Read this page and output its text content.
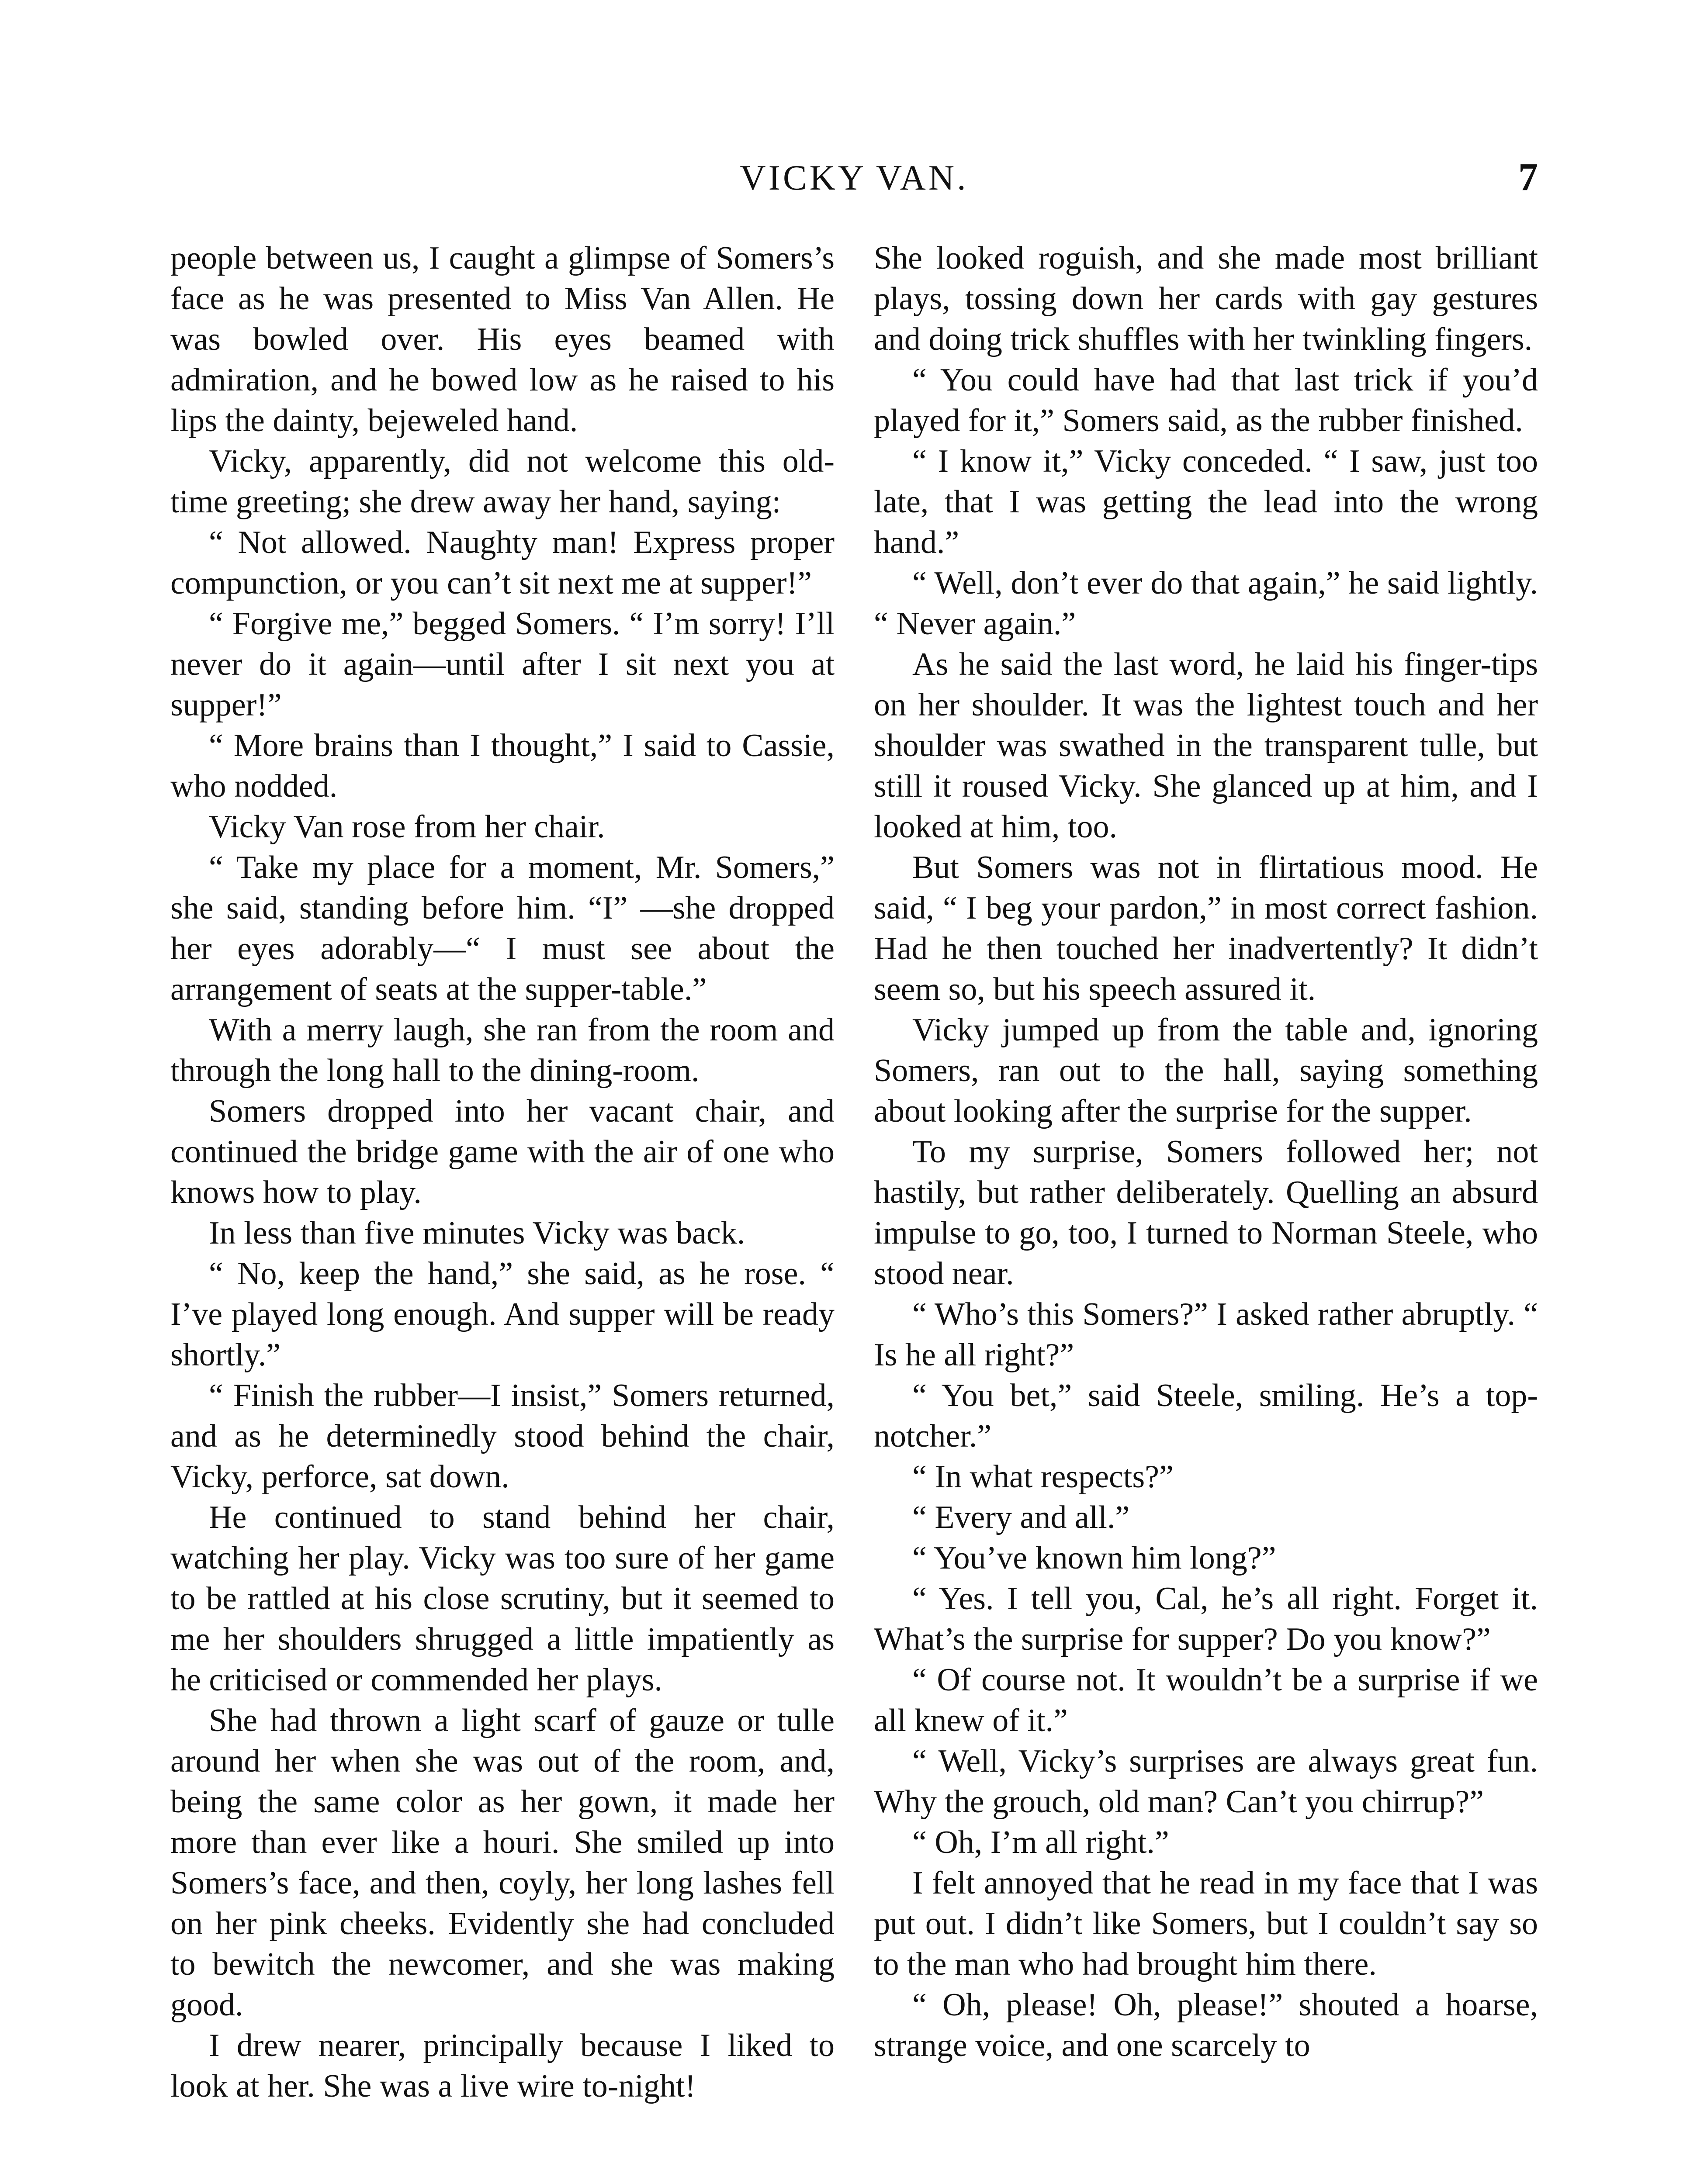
VICKY VAN.	7

people between us, I caught a glimpse of Somers’s face as he was presented to Miss Van Allen. He was bowled over. His eyes beamed with admiration, and he bowed low as he raised to his lips the dainty, bejeweled hand.

Vicky, apparently, did not welcome this old-time greeting; she drew away her hand, saying:

“ Not allowed. Naughty man! Express proper compunction, or you can’t sit next me at supper!”

“ Forgive me,” begged Somers. “ I’m sorry! I’ll never do it again—until after I sit next you at supper!”

“ More brains than I thought,” I said to Cassie, who nodded.

Vicky Van rose from her chair.

“ Take my place for a moment, Mr. Somers,” she said, standing before him. “I” —she dropped her eyes adorably—“ I must see about the arrangement of seats at the supper-table.”

With a merry laugh, she ran from the room and through the long hall to the dining-room.

Somers dropped into her vacant chair, and continued the bridge game with the air of one who knows how to play.

In less than five minutes Vicky was back.

“ No, keep the hand,” she said, as he rose. “ I’ve played long enough. And supper will be ready shortly.”

“ Finish the rubber—I insist,” Somers returned, and as he determinedly stood behind the chair, Vicky, perforce, sat down.

He continued to stand behind her chair, watching her play. Vicky was too sure of her game to be rattled at his close scrutiny, but it seemed to me her shoulders shrugged a little impatiently as he criticised or commended her plays.

She had thrown a light scarf of gauze or tulle around her when she was out of the room, and, being the same color as her gown, it made her more than ever like a houri. She smiled up into Somers’s face, and then, coyly, her long lashes fell on her pink cheeks. Evidently she had concluded to bewitch the newcomer, and she was making good.

I drew nearer, principally because I liked to look at her. She was a live wire to-night!

She looked roguish, and she made most brilliant plays, tossing down her cards with gay gestures and doing trick shuffles with her twinkling fingers.

“ You could have had that last trick if you’d played for it,” Somers said, as the rubber finished.

“ I know it,” Vicky conceded. “ I saw, just too late, that I was getting the lead into the wrong hand.”

“ Well, don’t ever do that again,” he said lightly. “ Never again.”

As he said the last word, he laid his finger-tips on her shoulder. It was the lightest touch and her shoulder was swathed in the transparent tulle, but still it roused Vicky. She glanced up at him, and I looked at him, too.

But Somers was not in flirtatious mood. He said, “ I beg your pardon,” in most correct fashion. Had he then touched her inadvertently? It didn’t seem so, but his speech assured it.

Vicky jumped up from the table and, ignoring Somers, ran out to the hall, saying something about looking after the surprise for the supper.

To my surprise, Somers followed her; not hastily, but rather deliberately. Quelling an absurd impulse to go, too, I turned to Norman Steele, who stood near.

“ Who’s this Somers?” I asked rather abruptly. “ Is he all right?”

“ You bet,” said Steele, smiling. He’s a top-notcher.”

“ In what respects?”

“ Every and all.”

“ You’ve known him long?”

“ Yes. I tell you, Cal, he’s all right. Forget it. What’s the surprise for supper? Do you know?”

“ Of course not. It wouldn’t be a surprise if we all knew of it.”

“ Well, Vicky’s surprises are always great fun. Why the grouch, old man? Can’t you chirrup?”

“ Oh, I’m all right.”

I felt annoyed that he read in my face that I was put out. I didn’t like Somers, but I couldn’t say so to the man who had brought him there.

“ Oh, please! Oh, please!” shouted a hoarse, strange voice, and one scarcely to
